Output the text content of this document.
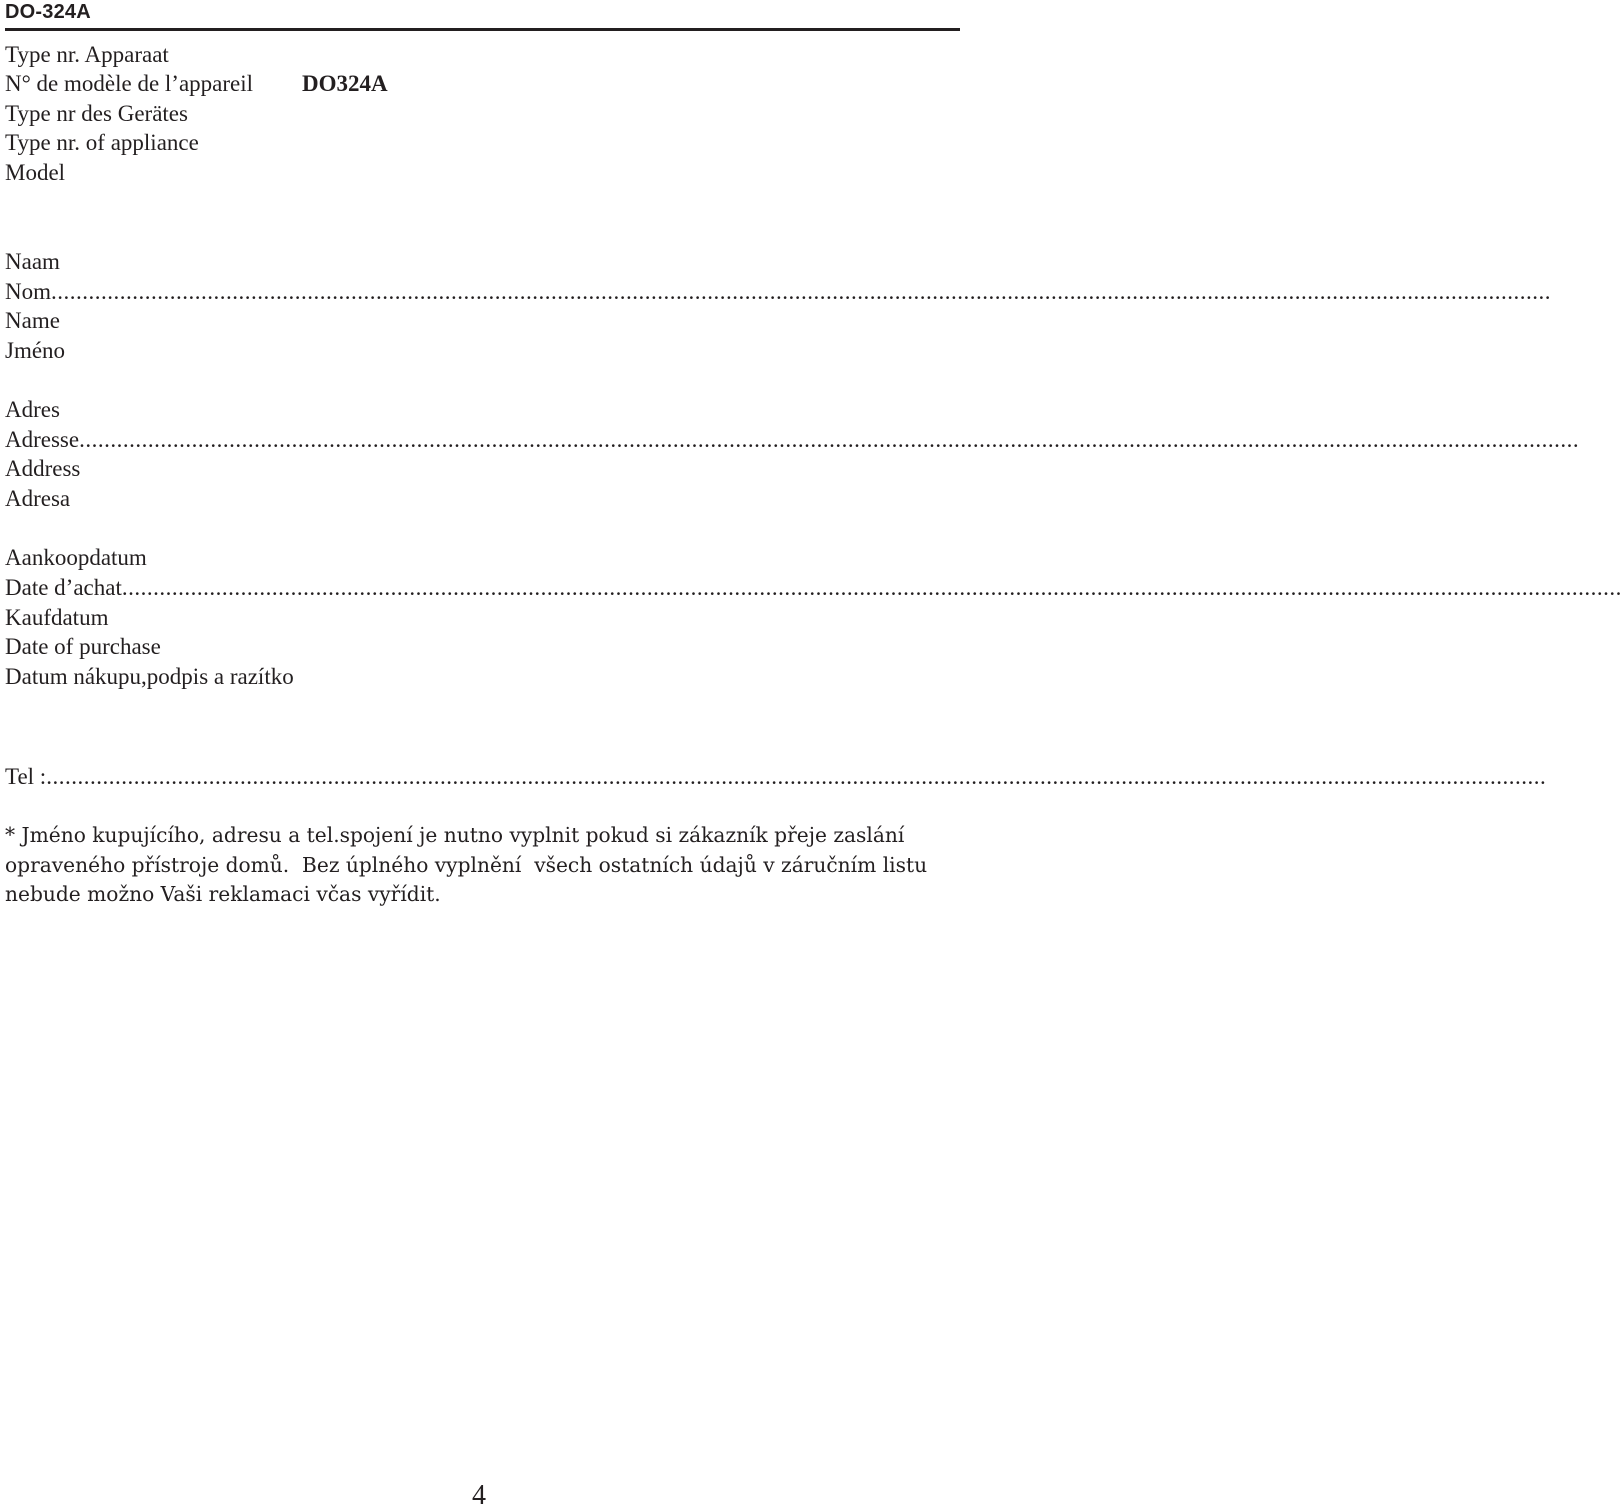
DO-324A
Type nr. Apparaat
N° de modèle de l’appareil
Type nr des Gerätes
Type nr. of appliance
Model
DO324A
Naam
Nom ................................................................................................................................................................................................................................................
Name
Jméno
Adres
Adresse ................................................................................................................................................................................................................................................
Address
Adresa
Aankoopdatum
Date d’achat ................................................................................................................................................................................................................................................
Kaufdatum
Date of purchase
Datum nákupu,podpis a razítko
Tel : ................................................................................................................................................................................................................................................

* Jméno kupujícího, adresu a tel.spojení je nutno vyplnit pokud si zákazník přeje zaslání

opraveného přístroje domů.  Bez úplného vyplnění  všech ostatních údajů v záručním listu

nebude možno Vaši reklamaci včas vyřídit.

4
